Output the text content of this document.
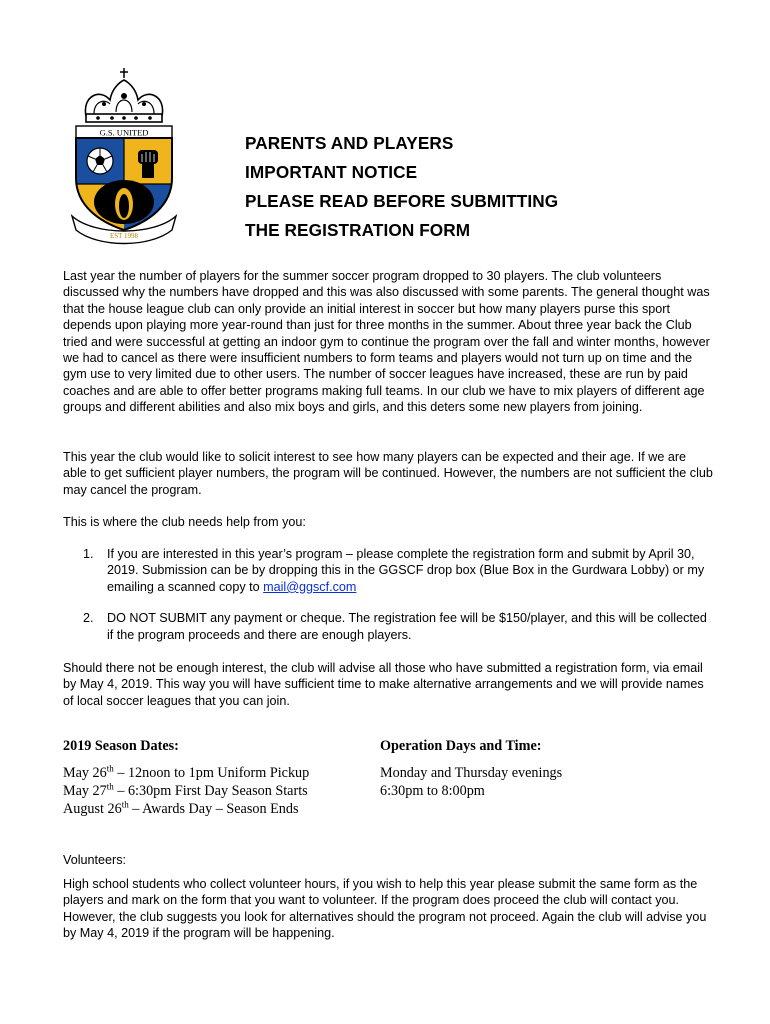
G.S. UNITED
EST 1998
PARENTS AND PLAYERS
IMPORTANT NOTICE
PLEASE READ BEFORE SUBMITTING
THE REGISTRATION FORM

Last year the number of players for the summer soccer program dropped to 30 players. The club volunteers discussed why the numbers have dropped and this was also discussed with some parents. The general thought was that the house league club can only provide an initial interest in soccer but how many players purse this sport depends upon playing more year-round than just for three months in the summer. About three year back the Club tried and were successful at getting an indoor gym to continue the program over the fall and winter months, however we had to cancel as there were insufficient numbers to form teams and players would not turn up on time and the gym use to very limited due to other users. The number of soccer leagues have increased, these are run by paid coaches and are able to offer better programs making full teams. In our club we have to mix players of different age groups and different abilities and also mix boys and girls, and this deters some new players from joining.

This year the club would like to solicit interest to see how many players can be expected and their age. If we are able to get sufficient player numbers, the program will be continued. However, the numbers are not sufficient the club may cancel the program.

This is where the club needs help from you:

1.	If you are interested in this year’s program – please complete the registration form and submit by April 30, 2019. Submission can be by dropping this in the GGSCF drop box (Blue Box in the Gurdwara Lobby) or my emailing a scanned copy to mail@ggscf.com
2.	DO NOT SUBMIT any payment or cheque. The registration fee will be $150/player, and this will be collected if the program proceeds and there are enough players.

Should there not be enough interest, the club will advise all those who have submitted a registration form, via email by May 4, 2019. This way you will have sufficient time to make alternative arrangements and we will provide names of local soccer leagues that you can join.

2019 Season Dates:
May 26th – 12noon to 1pm Uniform Pickup
May 27th – 6:30pm First Day Season Starts
August 26th – Awards Day – Season Ends
Operation Days and Time:
Monday and Thursday evenings
6:30pm to 8:00pm

Volunteers:

High school students who collect volunteer hours, if you wish to help this year please submit the same form as the players and mark on the form that you want to volunteer. If the program does proceed the club will contact you. However, the club suggests you look for alternatives should the program not proceed. Again the club will advise you by May 4, 2019 if the program will be happening.
